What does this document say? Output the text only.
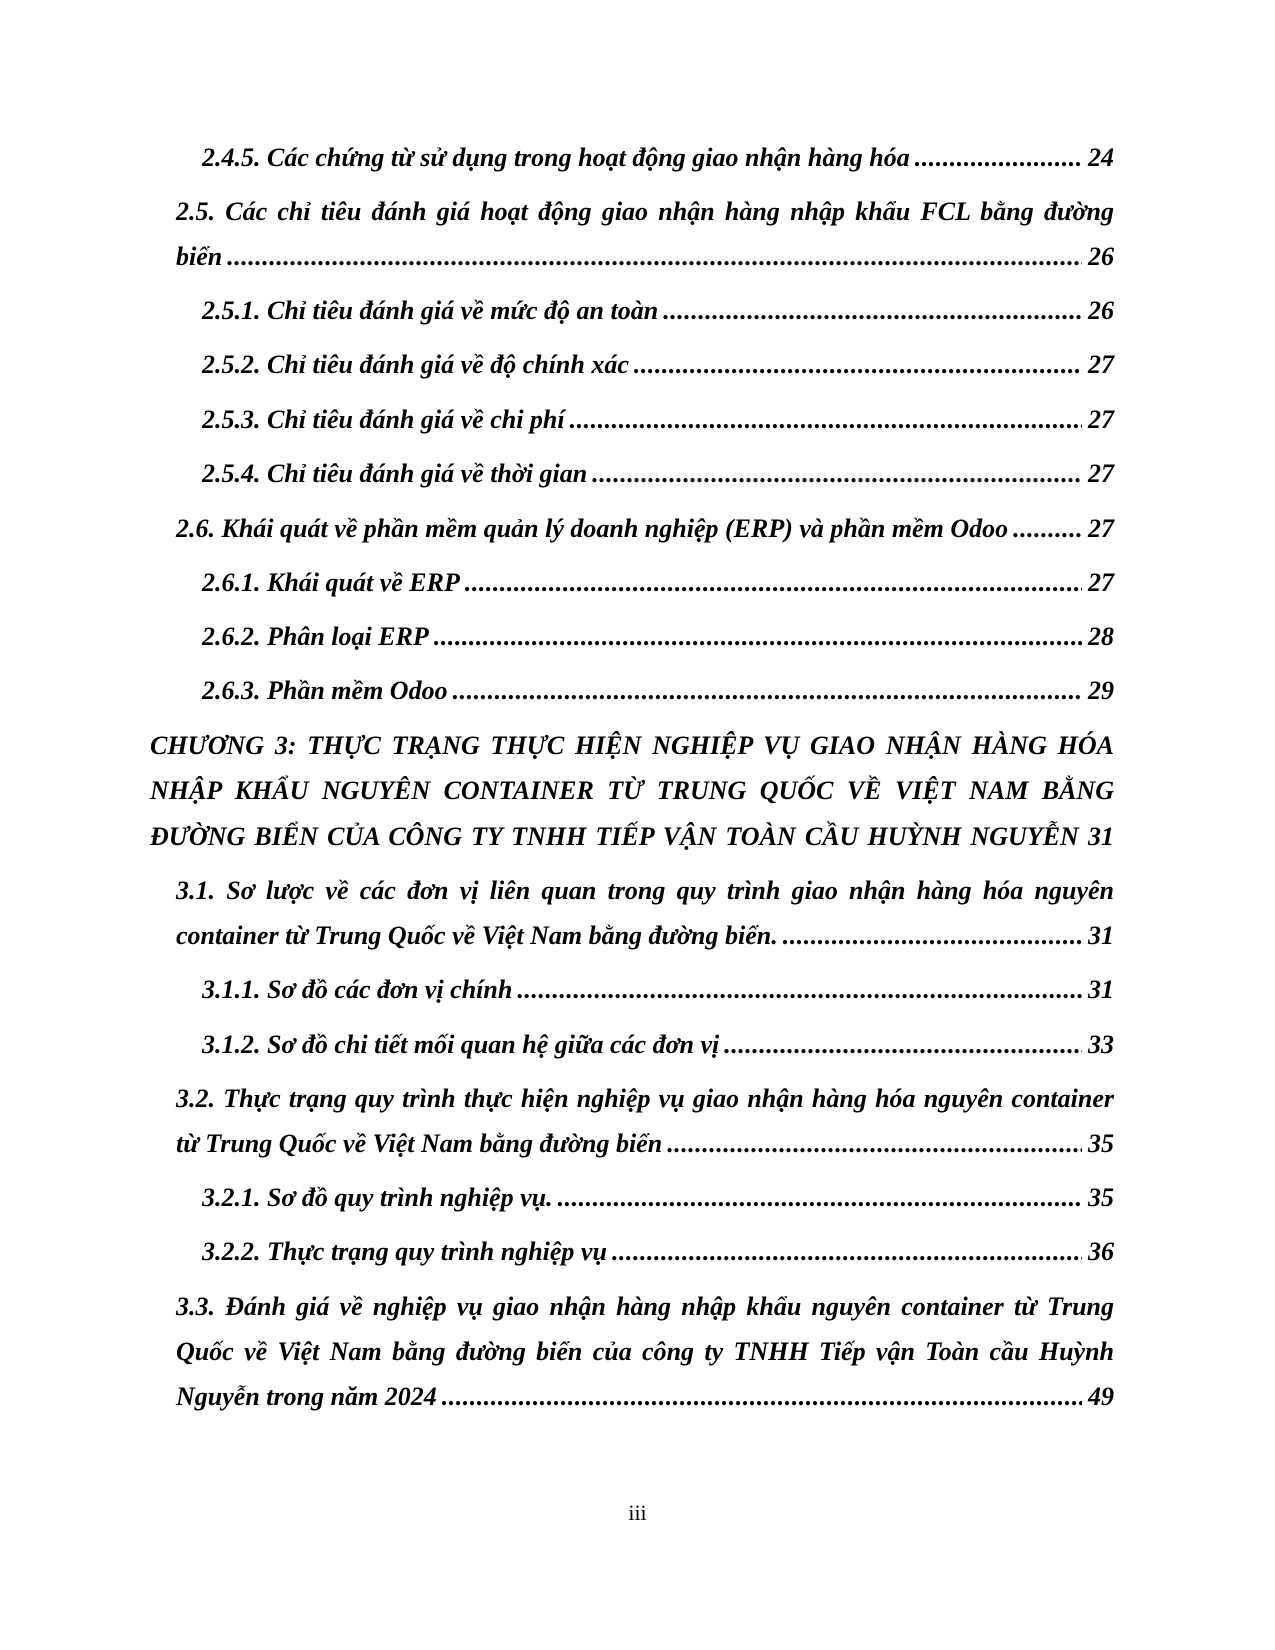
2.4.5. Các chứng từ sử dụng trong hoạt động giao nhận hàng hóa . . .	24
2.5. Các chỉ tiêu đánh giá hoạt động giao nhận hàng nhập khẩu FCL bằng đường
biển . . .	26
2.5.1. Chỉ tiêu đánh giá về mức độ an toàn . . .	26
2.5.2. Chỉ tiêu đánh giá về độ chính xác . . .	27
2.5.3. Chỉ tiêu đánh giá về chi phí . . .	27
2.5.4. Chỉ tiêu đánh giá về thời gian . . .	27
2.6. Khái quát về phần mềm quản lý doanh nghiệp (ERP) và phần mềm Odoo . . .	27
2.6.1. Khái quát về ERP . . .	27
2.6.2. Phân loại ERP . . .	28
2.6.3. Phần mềm Odoo . . .	29
CHƯƠNG 3: THỰC TRẠNG THỰC HIỆN NGHIỆP VỤ GIAO NHẬN HÀNG HÓA
NHẬP KHẨU NGUYÊN CONTAINER TỪ TRUNG QUỐC VỀ VIỆT NAM BẰNG
ĐƯỜNG BIỂN CỦA CÔNG TY TNHH TIẾP VẬN TOÀN CẦU HUỲNH NGUYỄN 31
3.1. Sơ lược về các đơn vị liên quan trong quy trình giao nhận hàng hóa nguyên
container từ Trung Quốc về Việt Nam bằng đường biển. . . .	31
3.1.1. Sơ đồ các đơn vị chính . . .	31
3.1.2. Sơ đồ chi tiết mối quan hệ giữa các đơn vị . . .	33
3.2. Thực trạng quy trình thực hiện nghiệp vụ giao nhận hàng hóa nguyên container
từ Trung Quốc về Việt Nam bằng đường biển . . .	35
3.2.1. Sơ đồ quy trình nghiệp vụ. . . .	35
3.2.2. Thực trạng quy trình nghiệp vụ . . .	36
3.3. Đánh giá về nghiệp vụ giao nhận hàng nhập khẩu nguyên container từ Trung
Quốc về Việt Nam bằng đường biển của công ty TNHH Tiếp vận Toàn cầu Huỳnh
Nguyễn trong năm 2024 . . .	49
iii
